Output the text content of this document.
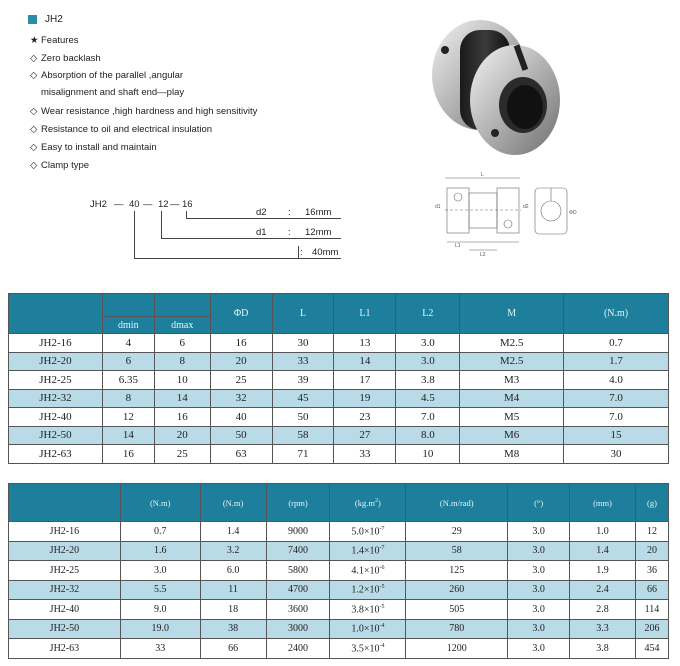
JH2
★ Features
◇ Zero backlash
◇ Absorption of the parallel ,angular
misalignment and shaft end—play
◇ Wear resistance ,high hardness and high sensitivity
◇ Resistance to oil and electrical insulation
◇ Easy to install and maintain
◇ Clamp type
JH2 — 40 — 12 — 16
d2 : 16mm
d1 : 12mm
: 40mm
L
L1
L2
d1	d2
ΦD
			ΦD	L	L1	L2	M	(N.m)
	dmin	dmax						
JH2-16	4	6	16	30	13	3.0	M2.5	0.7
JH2-20	6	8	20	33	14	3.0	M2.5	1.7
JH2-25	6.35	10	25	39	17	3.8	M3	4.0
JH2-32	8	14	32	45	19	4.5	M4	7.0
JH2-40	12	16	40	50	23	7.0	M5	7.0
JH2-50	14	20	50	58	27	8.0	M6	15
JH2-63	16	25	63	71	33	10	M8	30
	(N.m)	(N.m)	(rpm)	$(kg.m^2)$	(N.m/rad)	(°)	(mm)	(g)
JH2-16	0.7	1.4	9000	$5.0\times 10^{-7}$	29	3.0	1.0	12
JH2-20	1.6	3.2	7400	$1.4\times 10^{-7}$	58	3.0	1.4	20
JH2-25	3.0	6.0	5800	$4.1\times 10^{-6}$	125	3.0	1.9	36
JH2-32	5.5	11	4700	$1.2\times 10^{-5}$	260	3.0	2.4	66
JH2-40	9.0	18	3600	$3.8\times 10^{-5}$	505	3.0	2.8	114
JH2-50	19.0	38	3000	$1.0\times 10^{-4}$	780	3.0	3.3	206
JH2-63	33	66	2400	$3.5\times 10^{-4}$	1200	3.0	3.8	454
